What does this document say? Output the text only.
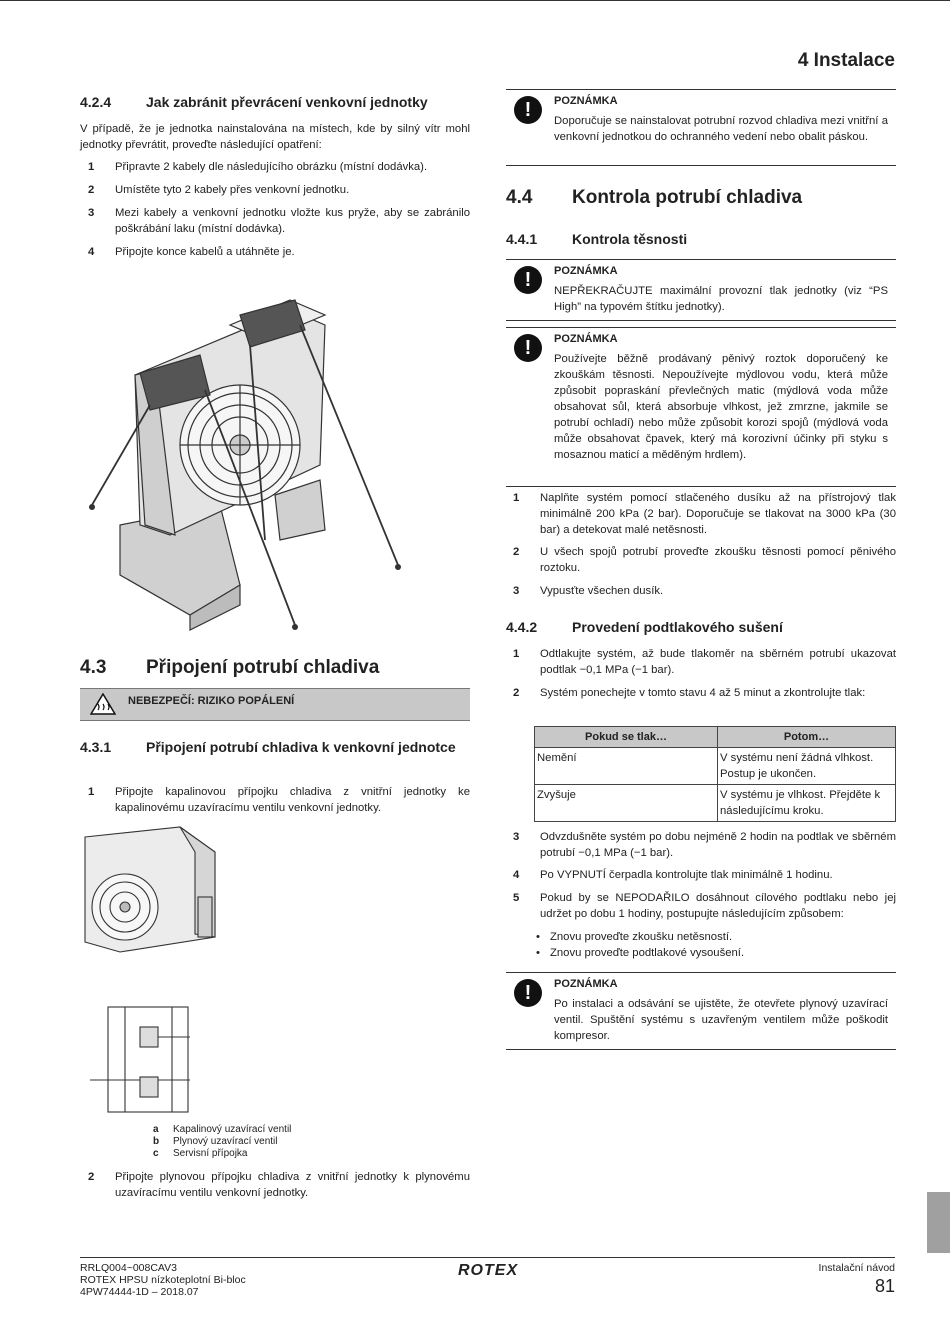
4 Instalace
4.2.4 Jak zabránit převrácení venkovní jednotky
V případě, že je jednotka nainstalována na místech, kde by silný vítr mohl jednotky převrátit, proveďte následující opatření:
1	Připravte 2 kabely dle následujícího obrázku (místní dodávka).
2	Umístěte tyto 2 kabely přes venkovní jednotku.
3	Mezi kabely a venkovní jednotku vložte kus pryže, aby se zabránilo poškrábání laku (místní dodávka).
4	Připojte konce kabelů a utáhněte je.
4.3 Připojení potrubí chladiva
NEBEZPEČÍ: RIZIKO POPÁLENÍ
4.3.1	Připojení potrubí chladiva k venkovní jednotce
1	Připojte kapalinovou přípojku chladiva z vnitřní jednotky ke kapalinovému uzavíracímu ventilu venkovní jednotky.
a Kapalinový uzavírací ventil
b Plynový uzavírací ventil
c Servisní přípojka
2	Připojte plynovou přípojku chladiva z vnitřní jednotky k plynovému uzavíracímu ventilu venkovní jednotky.
!	POZNÁMKA
Doporučuje se nainstalovat potrubní rozvod chladiva mezi vnitřní a venkovní jednotkou do ochranného vedení nebo obalit páskou.
4.4 Kontrola potrubí chladiva
4.4.1 Kontrola těsnosti
!	POZNÁMKA
NEPŘEKRAČUJTE maximální provozní tlak jednotky (viz “PS High” na typovém štítku jednotky).
!	POZNÁMKA
Používejte běžně prodávaný pěnivý roztok doporučený ke zkouškám těsnosti. Nepoužívejte mýdlovou vodu, která může způsobit popraskání převlečných matic (mýdlová voda může obsahovat sůl, která absorbuje vlhkost, jež zmrzne, jakmile se potrubí ochladí) nebo může způsobit korozi spojů (mýdlová voda může obsahovat čpavek, který má korozivní účinky při styku s mosaznou maticí a měděným hrdlem).
1	Naplňte systém pomocí stlačeného dusíku až na přístrojový tlak minimálně 200 kPa (2 bar). Doporučuje se tlakovat na 3000 kPa (30 bar) a detekovat malé netěsnosti.
2	U všech spojů potrubí proveďte zkoušku těsnosti pomocí pěnivého roztoku.
3	Vypusťte všechen dusík.
4.4.2 Provedení podtlakového sušení
1	Odtlakujte systém, až bude tlakoměr na sběrném potrubí ukazovat podtlak −0,1 MPa (−1 bar).
2	Systém ponechejte v tomto stavu 4 až 5 minut a zkontrolujte tlak:
Pokud se tlak…	Potom…
Nemění	V systému není žádná vlhkost. Postup je ukončen.
Zvyšuje	V systému je vlhkost. Přejděte k následujícímu kroku.
3	Odvzdušněte systém po dobu nejméně 2 hodin na podtlak ve sběrném potrubí −0,1 MPa (−1 bar).
4	Po VYPNUTÍ čerpadla kontrolujte tlak minimálně 1 hodinu.
5	Pokud by se NEPODAŘILO dosáhnout cílového podtlaku nebo jej udržet po dobu 1 hodiny, postupujte následujícím způsobem:
• Znovu proveďte zkoušku netěsností.
• Znovu proveďte podtlakové vysoušení.
!	POZNÁMKA
Po instalaci a odsávání se ujistěte, že otevřete plynový uzavírací ventil. Spuštění systému s uzavřeným ventilem může poškodit kompresor.
RRLQ004~008CAV3
ROTEX HPSU nízkoteplotní Bi-bloc
4PW74444-1D – 2018.07
ROTEX	Instalační návod
81
